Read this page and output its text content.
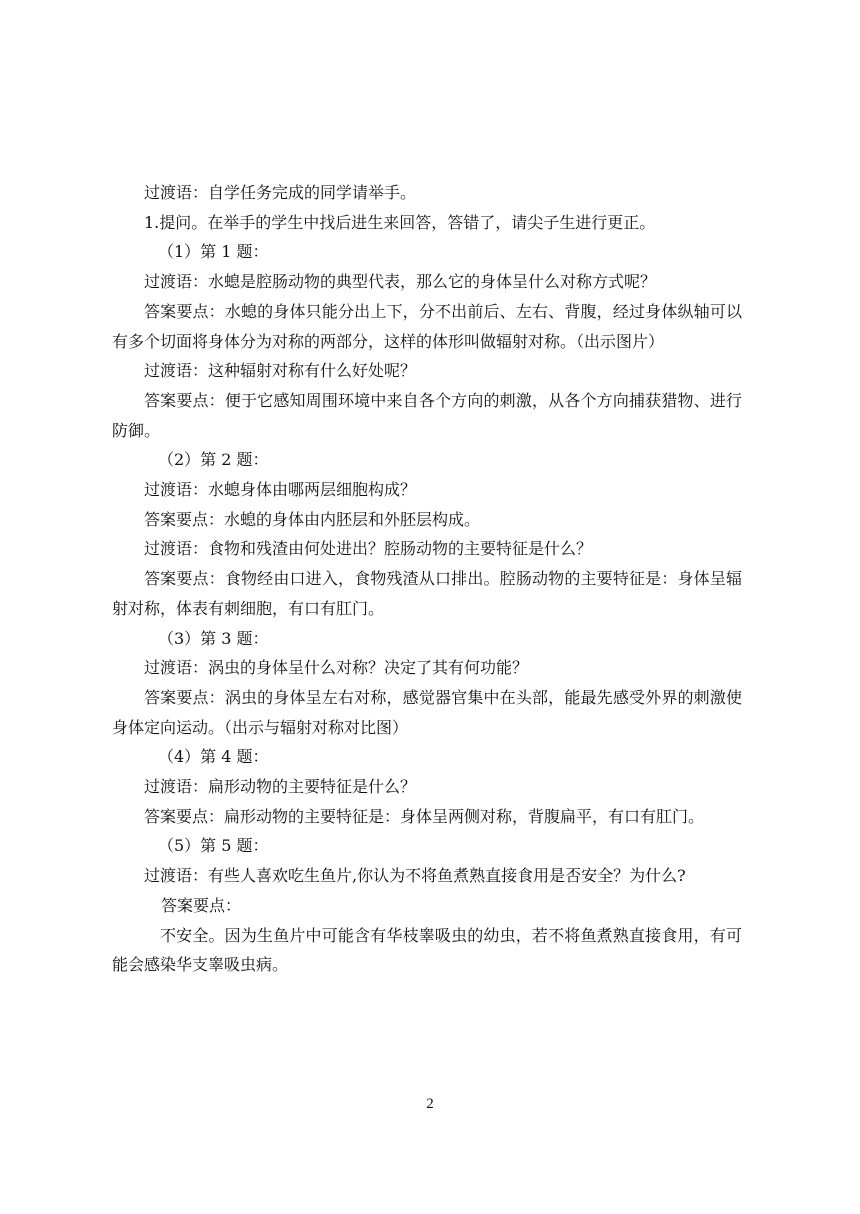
过渡语：自学任务完成的同学请举手。

1.提问。在举手的学生中找后进生来回答，答错了，请尖子生进行更正。

（1）第 1 题：

过渡语：水螅是腔肠动物的典型代表，那么它的身体呈什么对称方式呢？

答案要点：水螅的身体只能分出上下，分不出前后、左右、背腹，经过身体纵轴可以有多个切面将身体分为对称的两部分，这样的体形叫做辐射对称。（出示图片）

过渡语：这种辐射对称有什么好处呢？

答案要点：便于它感知周围环境中来自各个方向的刺激，从各个方向捕获猎物、进行防御。

（2）第 2 题：

过渡语：水螅身体由哪两层细胞构成？

答案要点：水螅的身体由内胚层和外胚层构成。

过渡语：食物和残渣由何处进出？腔肠动物的主要特征是什么？

答案要点：食物经由口进入，食物残渣从口排出。腔肠动物的主要特征是：身体呈辐射对称，体表有刺细胞，有口有肛门。

（3）第 3 题：

过渡语：涡虫的身体呈什么对称？决定了其有何功能？

答案要点：涡虫的身体呈左右对称，感觉器官集中在头部，能最先感受外界的刺激使身体定向运动。（出示与辐射对称对比图）

（4）第 4 题：

过渡语：扁形动物的主要特征是什么？

答案要点：扁形动物的主要特征是：身体呈两侧对称，背腹扁平，有口有肛门。

（5）第 5 题：

过渡语：有些人喜欢吃生鱼片,你认为不将鱼煮熟直接食用是否安全？为什么?

答案要点：

不安全。因为生鱼片中可能含有华枝睾吸虫的幼虫，若不将鱼煮熟直接食用，有可能会感染华支睾吸虫病。

2
